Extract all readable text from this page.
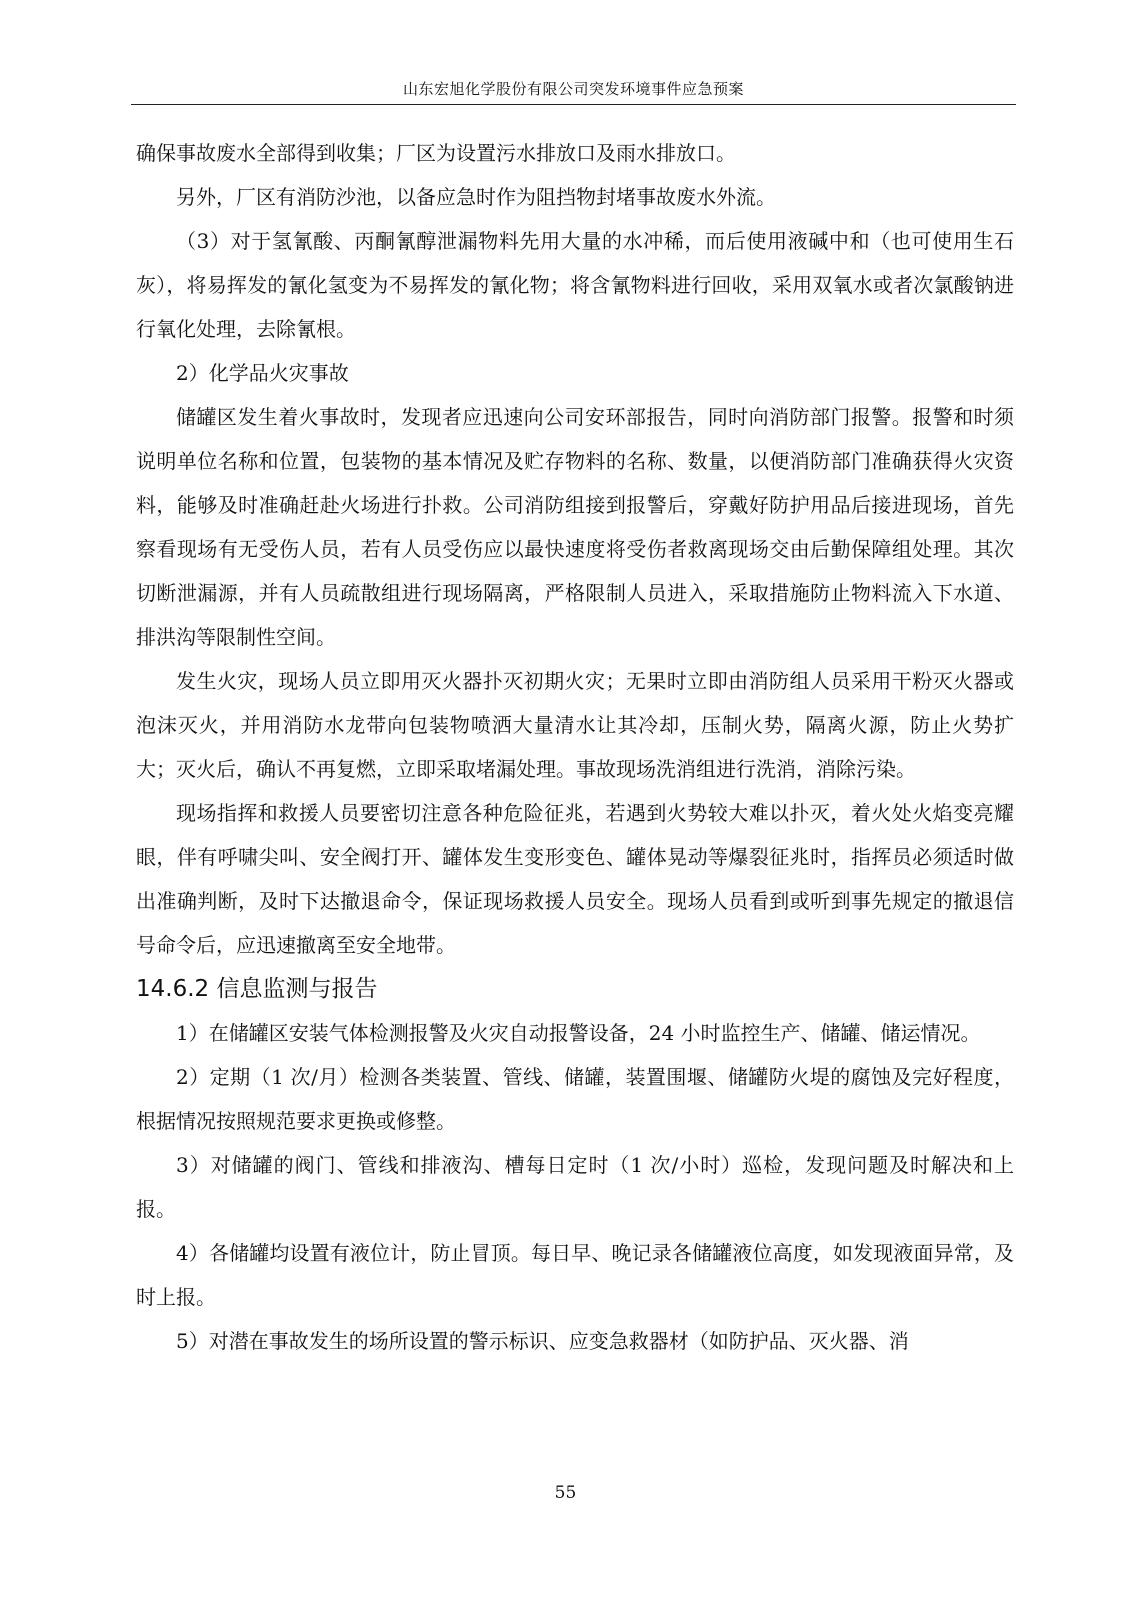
山东宏旭化学股份有限公司突发环境事件应急预案

确保事故废水全部得到收集；厂区为设置污水排放口及雨水排放口。

另外，厂区有消防沙池，以备应急时作为阻挡物封堵事故废水外流。

（3）对于氢氰酸、丙酮氰醇泄漏物料先用大量的水冲稀，而后使用液碱中和（也可使用生石灰），将易挥发的氰化氢变为不易挥发的氰化物；将含氰物料进行回收，采用双氧水或者次氯酸钠进行氧化处理，去除氰根。

2）化学品火灾事故

储罐区发生着火事故时，发现者应迅速向公司安环部报告，同时向消防部门报警。报警和时须说明单位名称和位置，包装物的基本情况及贮存物料的名称、数量，以便消防部门准确获得火灾资料，能够及时准确赶赴火场进行扑救。公司消防组接到报警后，穿戴好防护用品后接进现场，首先察看现场有无受伤人员，若有人员受伤应以最快速度将受伤者救离现场交由后勤保障组处理。其次切断泄漏源，并有人员疏散组进行现场隔离，严格限制人员进入，采取措施防止物料流入下水道、排洪沟等限制性空间。

发生火灾，现场人员立即用灭火器扑灭初期火灾；无果时立即由消防组人员采用干粉灭火器或泡沫灭火，并用消防水龙带向包装物喷洒大量清水让其冷却，压制火势，隔离火源，防止火势扩大；灭火后，确认不再复燃，立即采取堵漏处理。事故现场洗消组进行洗消，消除污染。

现场指挥和救援人员要密切注意各种危险征兆，若遇到火势较大难以扑灭，着火处火焰变亮耀眼，伴有呼啸尖叫、安全阀打开、罐体发生变形变色、罐体晃动等爆裂征兆时，指挥员必须适时做出准确判断，及时下达撤退命令，保证现场救援人员安全。现场人员看到或听到事先规定的撤退信号命令后，应迅速撤离至安全地带。

14.6.2 信息监测与报告

1）在储罐区安装气体检测报警及火灾自动报警设备，24 小时监控生产、储罐、储运情况。

2）定期（1 次/月）检测各类装置、管线、储罐，装置围堰、储罐防火堤的腐蚀及完好程度，根据情况按照规范要求更换或修整。

3）对储罐的阀门、管线和排液沟、槽每日定时（1 次/小时）巡检，发现问题及时解决和上报。

4）各储罐均设置有液位计，防止冒顶。每日早、晚记录各储罐液位高度，如发现液面异常，及时上报。

5）对潜在事故发生的场所设置的警示标识、应变急救器材（如防护品、灭火器、消

55
